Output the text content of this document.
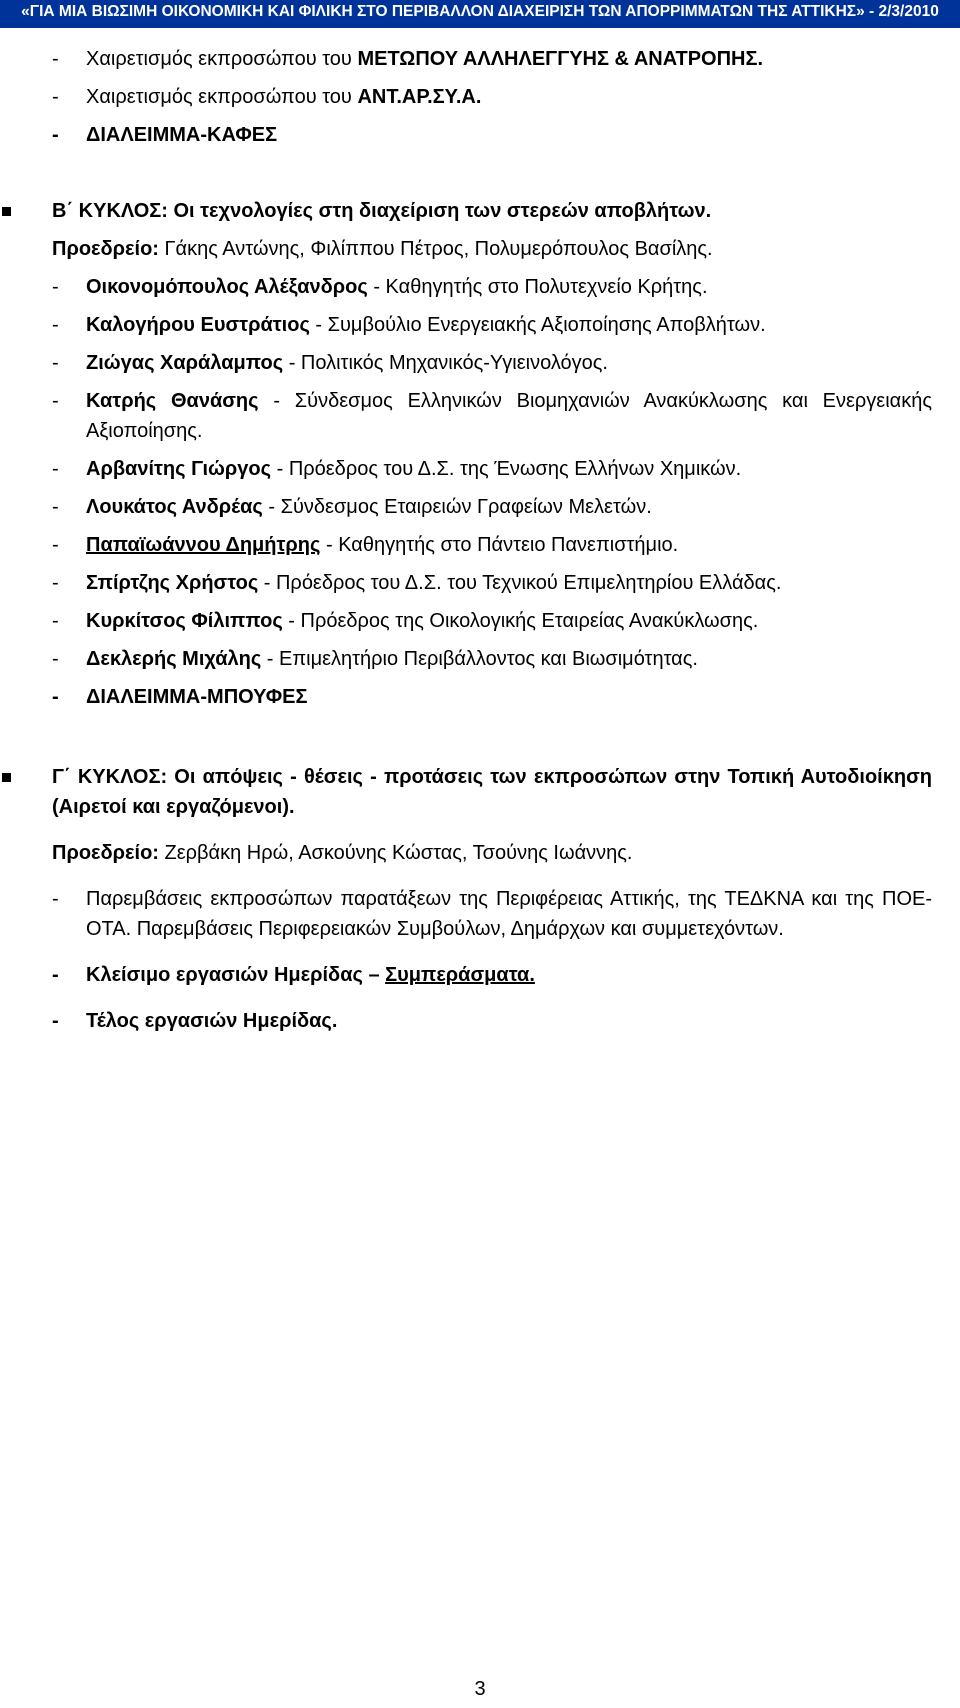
«ΓΙΑ ΜΙΑ ΒΙΩΣΙΜΗ ΟΙΚΟΝΟΜΙΚΗ ΚΑΙ ΦΙΛΙΚΗ ΣΤΟ ΠΕΡΙΒΑΛΛΟΝ ΔΙΑΧΕΙΡΙΣΗ ΤΩΝ ΑΠΟΡΡΙΜΜΑΤΩΝ ΤΗΣ ΑΤΤΙΚΗΣ» - 2/3/2010
- Χαιρετισμός εκπροσώπου του ΜΕΤΩΠΟΥ ΑΛΛΗΛΕΓΓΥΗΣ & ΑΝΑΤΡΟΠΗΣ.
- Χαιρετισμός εκπροσώπου του ΑΝΤ.ΑΡ.ΣΥ.Α.
- ΔΙΑΛΕΙΜΜΑ-ΚΑΦΕΣ
Β΄ ΚΥΚΛΟΣ: Οι τεχνολογίες στη διαχείριση των στερεών αποβλήτων.
Προεδρείο: Γάκης Αντώνης, Φιλίππου Πέτρος, Πολυμερόπουλος Βασίλης.
- Οικονομόπουλος Αλέξανδρος - Καθηγητής στο Πολυτεχνείο Κρήτης.
- Καλογήρου Ευστράτιος - Συμβούλιο Ενεργειακής Αξιοποίησης Αποβλήτων.
- Ζιώγας Χαράλαμπος - Πολιτικός Μηχανικός-Υγιεινολόγος.
- Κατρής Θανάσης - Σύνδεσμος Ελληνικών Βιομηχανιών Ανακύκλωσης και Ενεργειακής Αξιοποίησης.
- Αρβανίτης Γιώργος - Πρόεδρος του Δ.Σ. της Ένωσης Ελλήνων Χημικών.
- Λουκάτος Ανδρέας - Σύνδεσμος Εταιρειών Γραφείων Μελετών.
- Παπαϊωάννου Δημήτρης - Καθηγητής στο Πάντειο Πανεπιστήμιο.
- Σπίρτζης Χρήστος - Πρόεδρος του Δ.Σ. του Τεχνικού Επιμελητηρίου Ελλάδας.
- Κυρκίτσος Φίλιππος - Πρόεδρος της Οικολογικής Εταιρείας Ανακύκλωσης.
- Δεκλερής Μιχάλης - Επιμελητήριο Περιβάλλοντος και Βιωσιμότητας.
- ΔΙΑΛΕΙΜΜΑ-ΜΠΟΥΦΕΣ
Γ΄ ΚΥΚΛΟΣ: Οι απόψεις - θέσεις - προτάσεις των εκπροσώπων στην Τοπική Αυτοδιοίκηση (Αιρετοί και εργαζόμενοι).
Προεδρείο: Ζερβάκη Ηρώ, Ασκούνης Κώστας, Τσούνης Ιωάννης.
- Παρεμβάσεις εκπροσώπων παρατάξεων της Περιφέρειας Αττικής, της ΤΕΔΚΝΑ και της ΠΟΕ-ΟΤΑ. Παρεμβάσεις Περιφερειακών Συμβούλων, Δημάρχων και συμμετεχόντων.
- Κλείσιμο εργασιών Ημερίδας – Συμπεράσματα.
- Τέλος εργασιών Ημερίδας.
3
